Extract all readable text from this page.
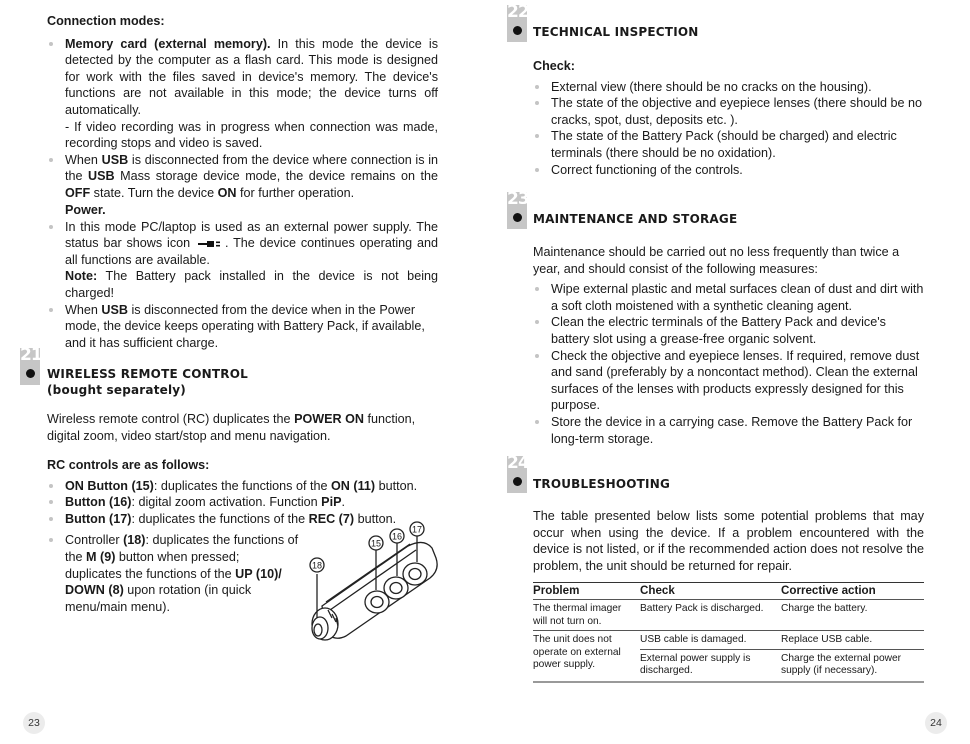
Connection modes:

Memory card (external memory). In this mode the device is detected by the computer as a flash card. This mode is designed for work with the files saved in device's memory. The device's functions are not available in this mode; the device turns off automatically.
- If video recording was in progress when connection was made, recording stops and video is saved.
When USB is disconnected from the device where connection is in the USB Mass storage device mode, the device remains on the OFF state. Turn the device ON for further operation.

Power.

In this mode PC/laptop is used as an external power supply. The status bar shows icon	. The device continues operating and all functions are available.
Note: The Battery pack installed in the device is not being charged!
When USB is disconnected from the device when in the Power mode, the device keeps operating with Battery Pack, if available, and it has sufficient charge.
21
WIRELESS REMOTE CONTROL
(bought separately)

Wireless remote control (RC) duplicates the POWER ON function, digital zoom, video start/stop and menu navigation.

RC controls are as follows:

ON Button (15): duplicates the functions of the ON (11) button.
Button (16): digital zoom activation. Function PiP.
Button (17): duplicates the functions of the REC (7) button.
Controller (18): duplicates the functions of the M (9) button when pressed; duplicates the functions of the UP (10)/ DOWN (8) upon rotation (in quick menu/main menu).
18
15
16
17
23
22
TECHNICAL INSPECTION

Check:

External view (there should be no cracks on the housing).
The state of the objective and eyepiece lenses (there should be no cracks, spot, dust, deposits etc. ).
The state of the Battery Pack (should be charged) and electric terminals (there should be no oxidation).
Correct functioning of the controls.
23
MAINTENANCE AND STORAGE

Maintenance should be carried out no less frequently than twice a year, and should consist of the following measures:

Wipe external plastic and metal surfaces clean of dust and dirt with a soft cloth moistened with a synthetic cleaning agent.
Clean the electric terminals of the Battery Pack and device's battery slot using a grease-free organic solvent.
Check the objective and eyepiece lenses. If required, remove dust and sand (preferably by a noncontact method). Clean the external surfaces of the lenses with products expressly designed for this purpose.
Store the device in a carrying case. Remove the Battery Pack for long-term storage.
24
TROUBLESHOOTING

The table presented below lists some potential problems that may occur when using the device. If a problem encountered with the device is not listed, or if the recommended action does not resolve the problem, the unit should be returned for repair.

Problem	Check	Corrective action
The thermal imager will not turn on.	Battery Pack is discharged.	Charge the battery.
The unit does not operate on external power supply.	USB cable is damaged.	Replace USB cable.
	External power supply is discharged.	Charge the external power supply (if necessary).
24
